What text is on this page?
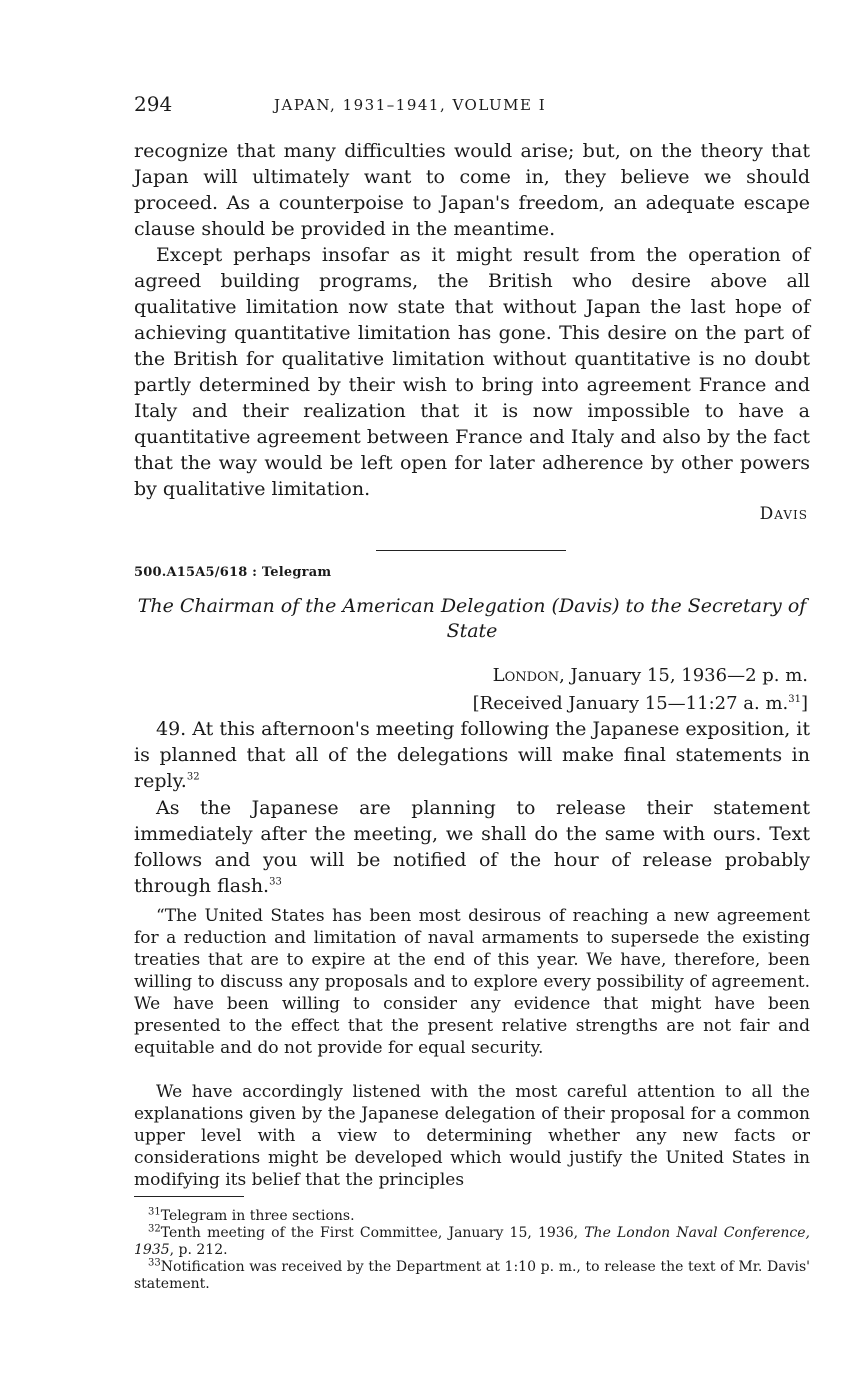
294	JAPAN, 1931–1941, VOLUME I

recognize that many difficulties would arise; but, on the theory that Japan will ultimately want to come in, they believe we should proceed. As a counterpoise to Japan's freedom, an adequate escape clause should be provided in the meantime.

Except perhaps insofar as it might result from the operation of agreed building programs, the British who desire above all qualitative limitation now state that without Japan the last hope of achieving quantitative limitation has gone. This desire on the part of the British for qualitative limitation without quantitative is no doubt partly determined by their wish to bring into agreement France and Italy and their realization that it is now impossible to have a quantitative agreement between France and Italy and also by the fact that the way would be left open for later adherence by other powers by qualitative limitation.

Davis
500.A15A5/618 : Telegram

The Chairman of the American Delegation (Davis) to the Secretary of State

London, January 15, 1936—2 p. m.
[Received January 15—11:27 a. m.$^{31}$]

49. At this afternoon's meeting following the Japanese exposition, it is planned that all of the delegations will make final statements in reply.$^{32}$

As the Japanese are planning to release their statement immediately after the meeting, we shall do the same with ours. Text follows and you will be notified of the hour of release probably through flash.$^{33}$

“The United States has been most desirous of reaching a new agreement for a reduction and limitation of naval armaments to supersede the existing treaties that are to expire at the end of this year. We have, therefore, been willing to discuss any proposals and to explore every possibility of agreement. We have been willing to consider any evidence that might have been presented to the effect that the present relative strengths are not fair and equitable and do not provide for equal security.

We have accordingly listened with the most careful attention to all the explanations given by the Japanese delegation of their proposal for a common upper level with a view to determining whether any new facts or considerations might be developed which would justify the United States in modifying its belief that the principles

$^{31}$Telegram in three sections.

$^{32}$Tenth meeting of the First Committee, January 15, 1936, The London Naval Conference, 1935, p. 212.

$^{33}$Notification was received by the Department at 1:10 p. m., to release the text of Mr. Davis' statement.
